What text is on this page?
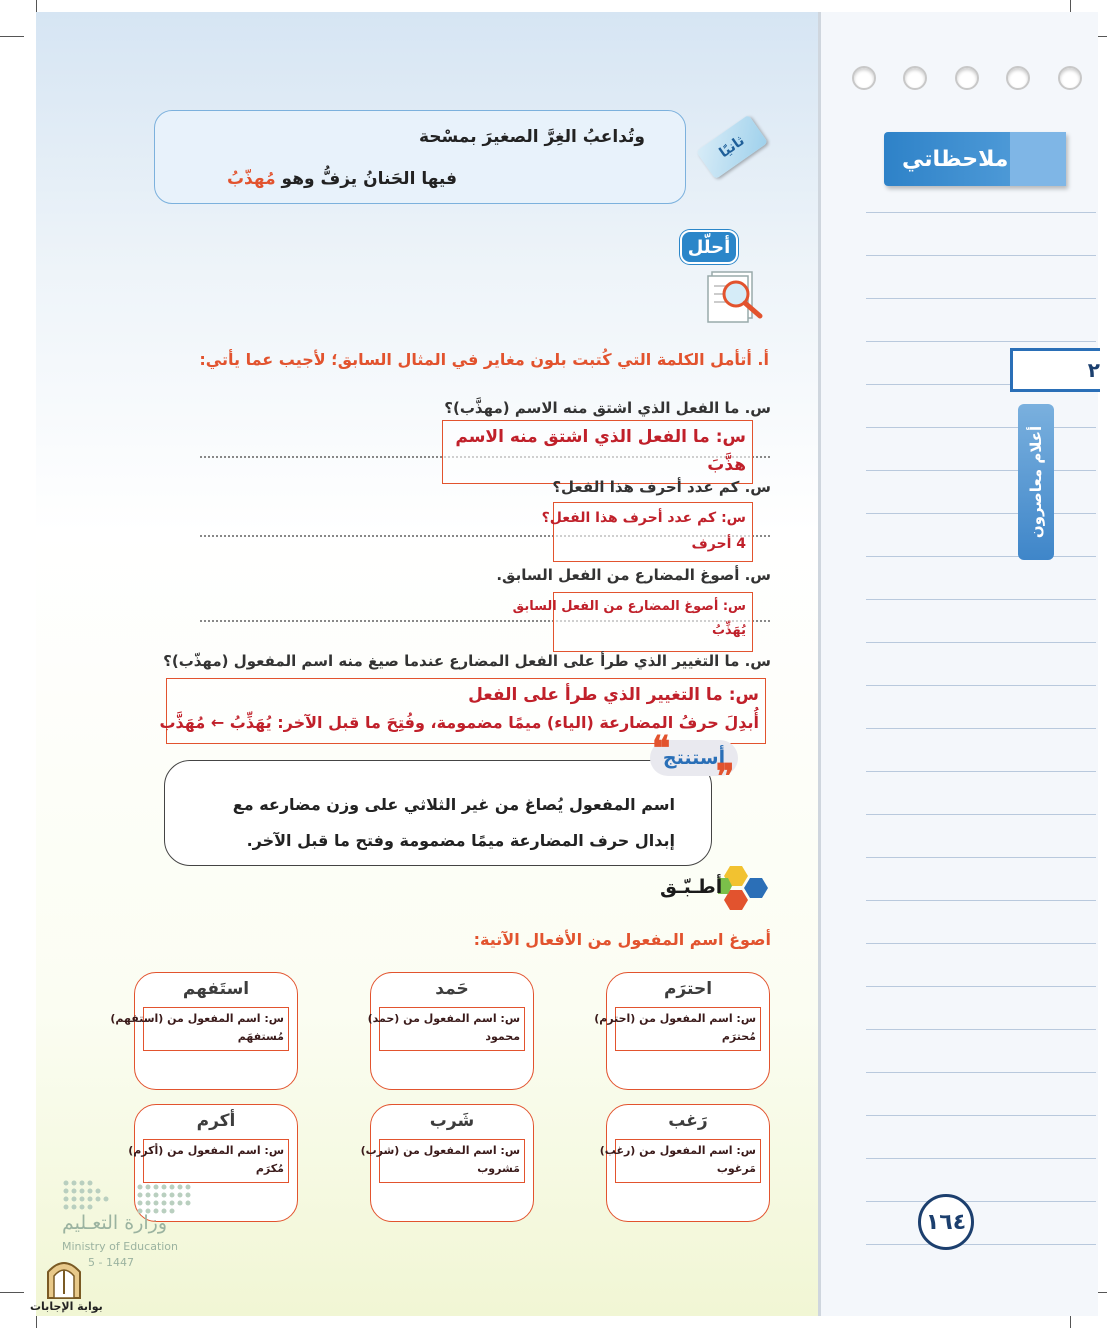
ملاحظاتي
٢
أعلام معاصرون
١٦٤
ثانيًا
وتُداعبُ الغِرَّ الصغيرَ بمسْحة
فيها الحَنانُ يزفُّ وهو مُهذّبُ
أحلّل
أ. أتأمل الكلمة التي كُتبت بلون مغاير في المثال السابق؛ لأجيب عما يأتي:
س. ما الفعل الذي اشتق منه الاسم (مهذَّب)؟
س: ما الفعل الذي اشتق منه الاسم
هذَّبَ
س. كم عدد أحرف هذا الفعل؟
س: كم عدد أحرف هذا الفعل؟
4 أحرف
س. أصوغ المضارع من الفعل السابق.
س: أصوغ المضارع من الفعل السابق
يُهَذِّبُ
س. ما التغيير الذي طرأ على الفعل المضارع عندما صيغ منه اسم المفعول (مهذّب)؟
س: ما التغيير الذي طرأ على الفعل
أُبدِلَ حرفُ المضارعة (الياء) ميمًا مضمومة، وفُتِحَ ما قبل الآخر: يُهَذِّبُ ← مُهَذَّب
اسم المفعول يُصاغ من غير الثلاثي على وزن مضارعه مع
إبدال حرف المضارعة ميمًا مضمومة وفتح ما قبل الآخر.
أستنتج
❝
❞
أطـبّـق
أصوغ اسم المفعول من الأفعال الآتية:
احترَم
س: اسم المفعول من (احترم)
مُحترَم
حَمد
س: اسم المفعول من (حمد)
محمود
استَفهم
س: اسم المفعول من (استفهم)
مُستفهَم
رَغب
س: اسم المفعول من (رغب)
مَرغوب
شَرب
س: اسم المفعول من (شرب)
مَشروب
أكرم
س: اسم المفعول من (أكرم)
مُكرَم
وزارة التعـليم
Ministry of Education
5 - 1447
بوابة الإجابات
